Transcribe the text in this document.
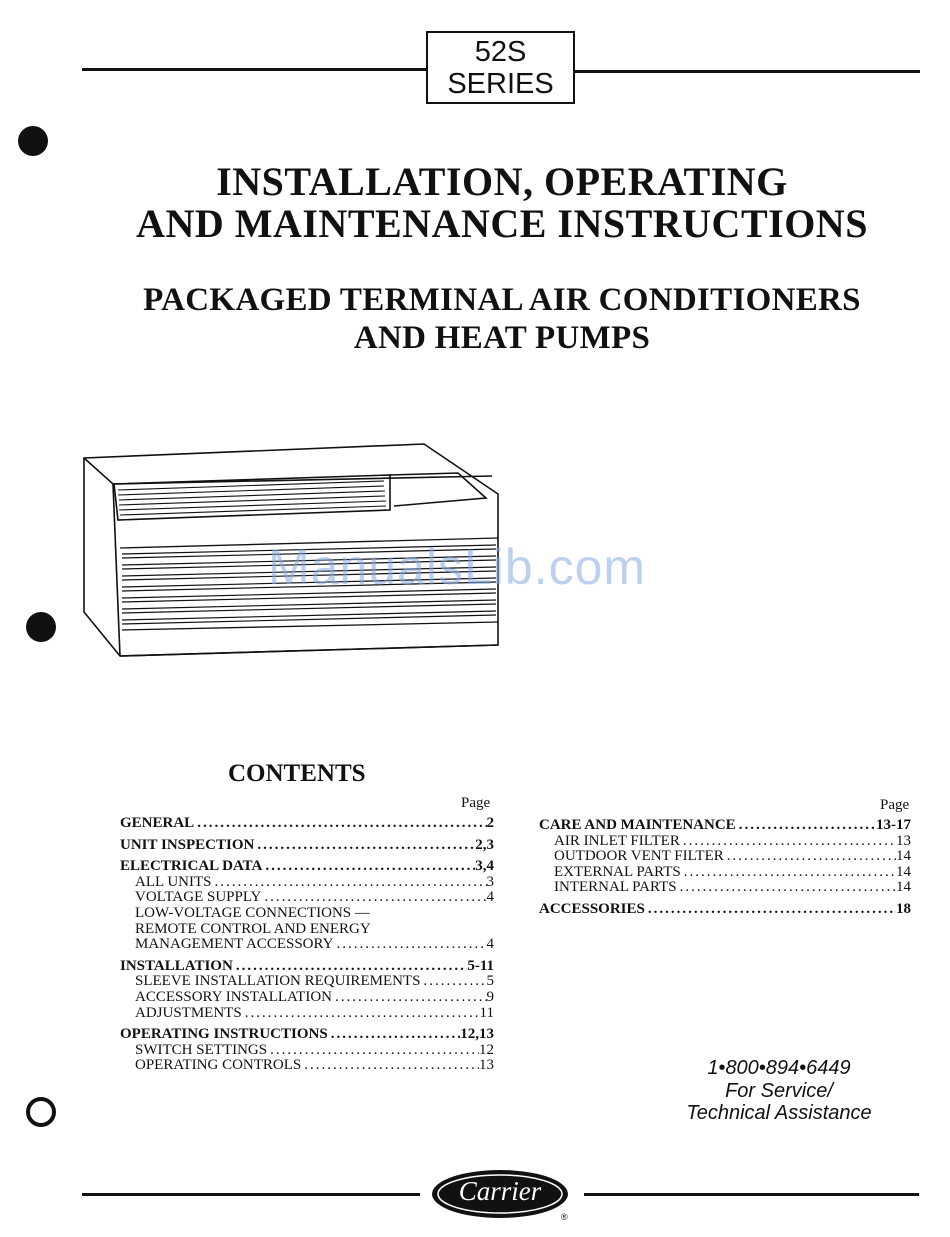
52S
SERIES
INSTALLATION, OPERATING
AND MAINTENANCE INSTRUCTIONS
PACKAGED TERMINAL AIR CONDITIONERS
AND HEAT PUMPS
ManualsLib.com
CONTENTS
Page	Page
GENERAL .....	2
UNIT INSPECTION .....	2,3
ELECTRICAL DATA .....	3,4
ALL UNITS .....	3
VOLTAGE SUPPLY .....	4
LOW-VOLTAGE CONNECTIONS —
REMOTE CONTROL AND ENERGY
MANAGEMENT ACCESSORY .....	4
INSTALLATION .....	5-11
SLEEVE INSTALLATION REQUIREMENTS .....	5
ACCESSORY INSTALLATION .....	9
ADJUSTMENTS .....	11
OPERATING INSTRUCTIONS .....	12,13
SWITCH SETTINGS .....	12
OPERATING CONTROLS .....	13
CARE AND MAINTENANCE .....	13-17
AIR INLET FILTER .....	13
OUTDOOR VENT FILTER .....	14
EXTERNAL PARTS .....	14
INTERNAL PARTS .....	14
ACCESSORIES .....	18
1•800•894•6449
For Service/
Technical Assistance
Carrier
®
